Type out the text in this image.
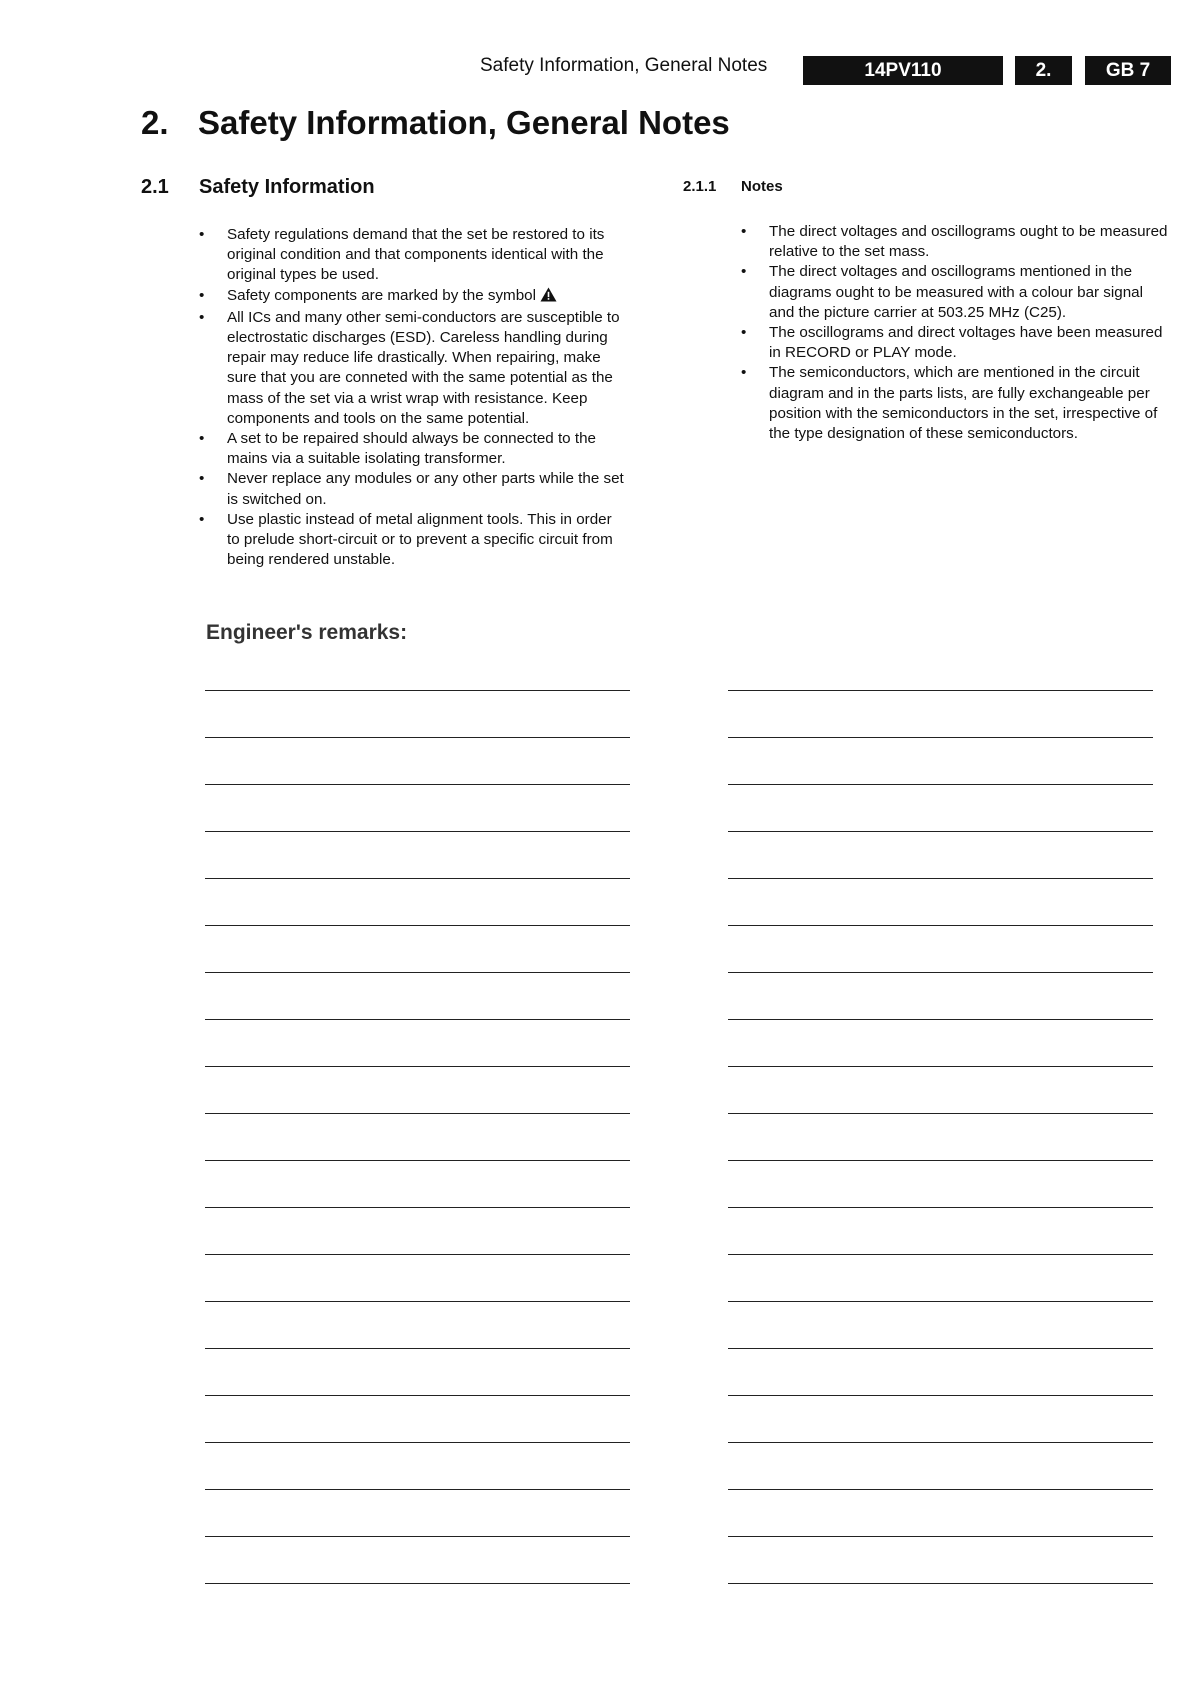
Safety Information, General Notes	14PV110	2.	GB 7
2. Safety Information, General Notes
2.1 Safety Information
• Safety regulations demand that the set be restored to its original condition and that components identical with the original types be used.
• Safety components are marked by the symbol
• All ICs and many other semi-conductors are susceptible to electrostatic discharges (ESD). Careless handling during repair may reduce life drastically. When repairing, make sure that you are conneted with the same potential as the mass of the set via a wrist wrap with resistance. Keep components and tools on the same potential.
• A set to be repaired should always be connected to the mains via a suitable isolating transformer.
• Never replace any modules or any other parts while the set is switched on.
• Use plastic instead of metal alignment tools. This in order to prelude short-circuit or to prevent a specific circuit from being rendered unstable.
2.1.1 Notes
• The direct voltages and oscillograms ought to be measured relative to the set mass.
• The direct voltages and oscillograms mentioned in the diagrams ought to be measured with a colour bar signal and the picture carrier at 503.25 MHz (C25).
• The oscillograms and direct voltages have been measured in RECORD or PLAY mode.
• The semiconductors, which are mentioned in the circuit diagram and in the parts lists, are fully exchangeable per position with the semiconductors in the set, irrespective of the type designation of these semiconductors.
Engineer's remarks:
